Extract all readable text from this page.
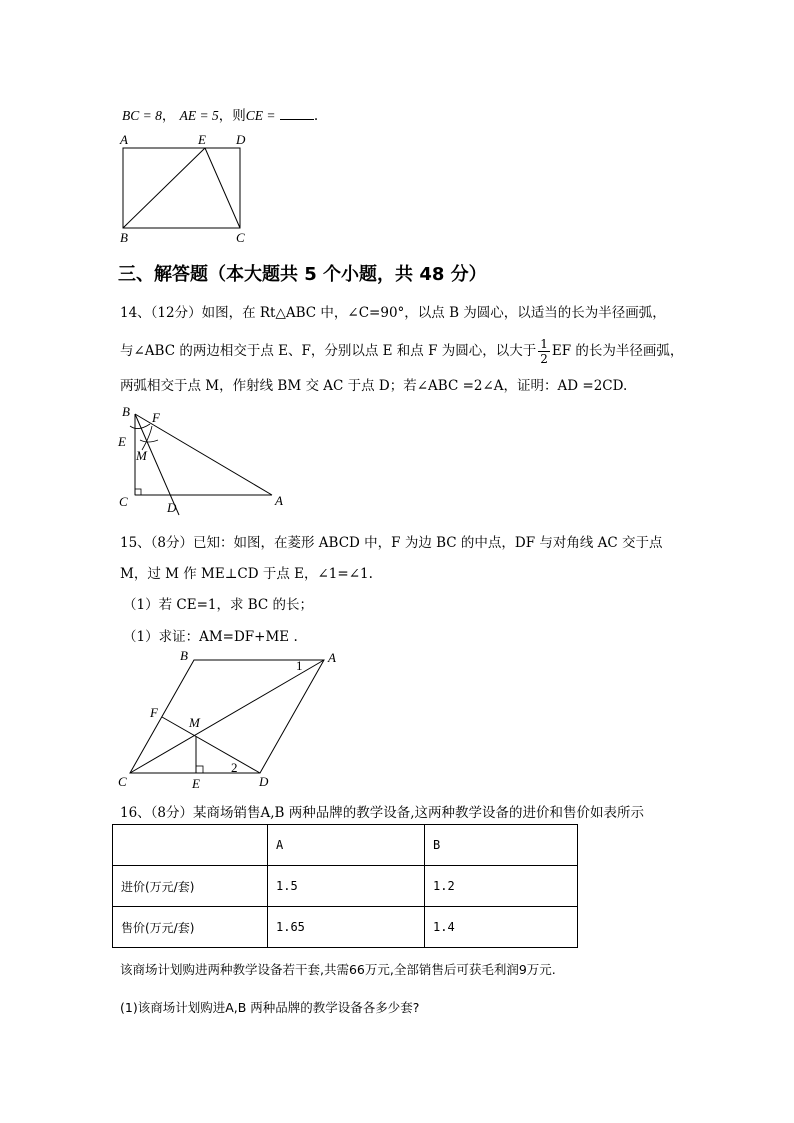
BC = 8， AE = 5，则CE =	.
A	E D
B	C
三、解答题（本大题共 5 个小题，共 48 分）
14、（12分）如图，在 Rt△ABC 中，∠C=90°，以点 B 为圆心，以适当的长为半径画弧，
与∠ABC 的两边相交于点 E、F，分别以点 E 和点 F 为圆心，以大于 $\frac{1}{2}$ EF 的长为半径画弧，
两弧相交于点 M，作射线 BM 交 AC 于点 D；若∠ABC =2∠A，证明：AD =2CD.
B F
E
M
C	D	A
15、（8分）已知：如图，在菱形 ABCD 中，F 为边 BC 的中点，DF 与对角线 AC 交于点
M，过 M 作 ME⊥CD 于点 E，∠1=∠1.
（1）若 CE=1，求 BC 的长；
（1）求证：AM=DF+ME .
B	A
1
F
M
C	E
2
D
16、（8分）某商场销售A,B 两种品牌的教学设备,这两种教学设备的进价和售价如表所示
	A	B
进价(万元/套)	1.5	1.2
售价(万元/套)	1.65	1.4
该商场计划购进两种教学设备若干套,共需66万元,全部销售后可获毛利润9万元.
(1)该商场计划购进A,B 两种品牌的教学设备各多少套?
